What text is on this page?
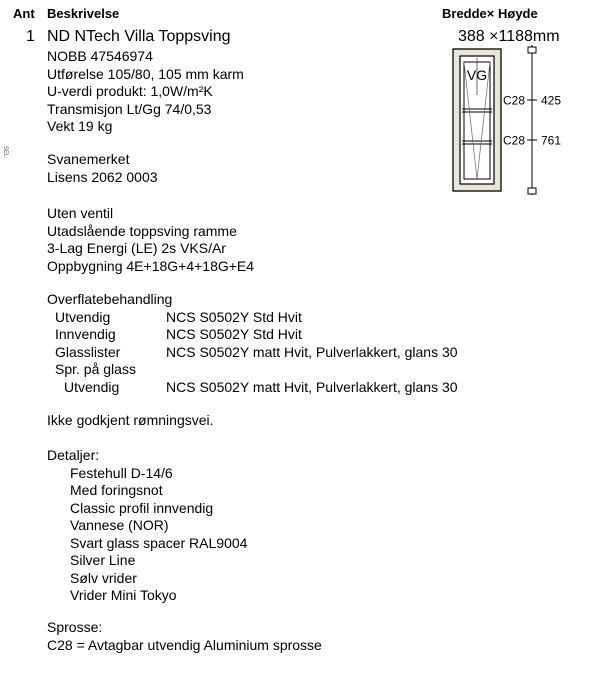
Ant Beskrivelse	Bredde× Høyde
SEL
1 ND NTech Villa Toppsving	388 ×1188mm
NOBB 47546974
Utførelse 105/80, 105 mm karm
U-verdi produkt: 1,0W/m²K
Transmisjon Lt/Gg 74/0,53
Vekt 19 kg
Svanemerket
Lisens 2062 0003
Uten ventil
Utadslående toppsving ramme
3-Lag Energi (LE) 2s VKS/Ar
Oppbygning 4E+18G+4+18G+E4
Overflatebehandling
Utvendig	NCS S0502Y Std Hvit
Innvendig	NCS S0502Y Std Hvit
Glasslister	NCS S0502Y matt Hvit, Pulverlakkert, glans 30
Spr. på glass
Utvendig	NCS S0502Y matt Hvit, Pulverlakkert, glans 30
Ikke godkjent rømningsvei.
Detaljer:
Festehull D-14/6
Med foringsnot
Classic profil innvendig
Vannese (NOR)
Svart glass spacer RAL9004
Silver Line
Sølv vrider
Vrider Mini Tokyo
Sprosse:
C28 = Avtagbar utvendig Aluminium sprosse
VG
C28 425
C28 761
